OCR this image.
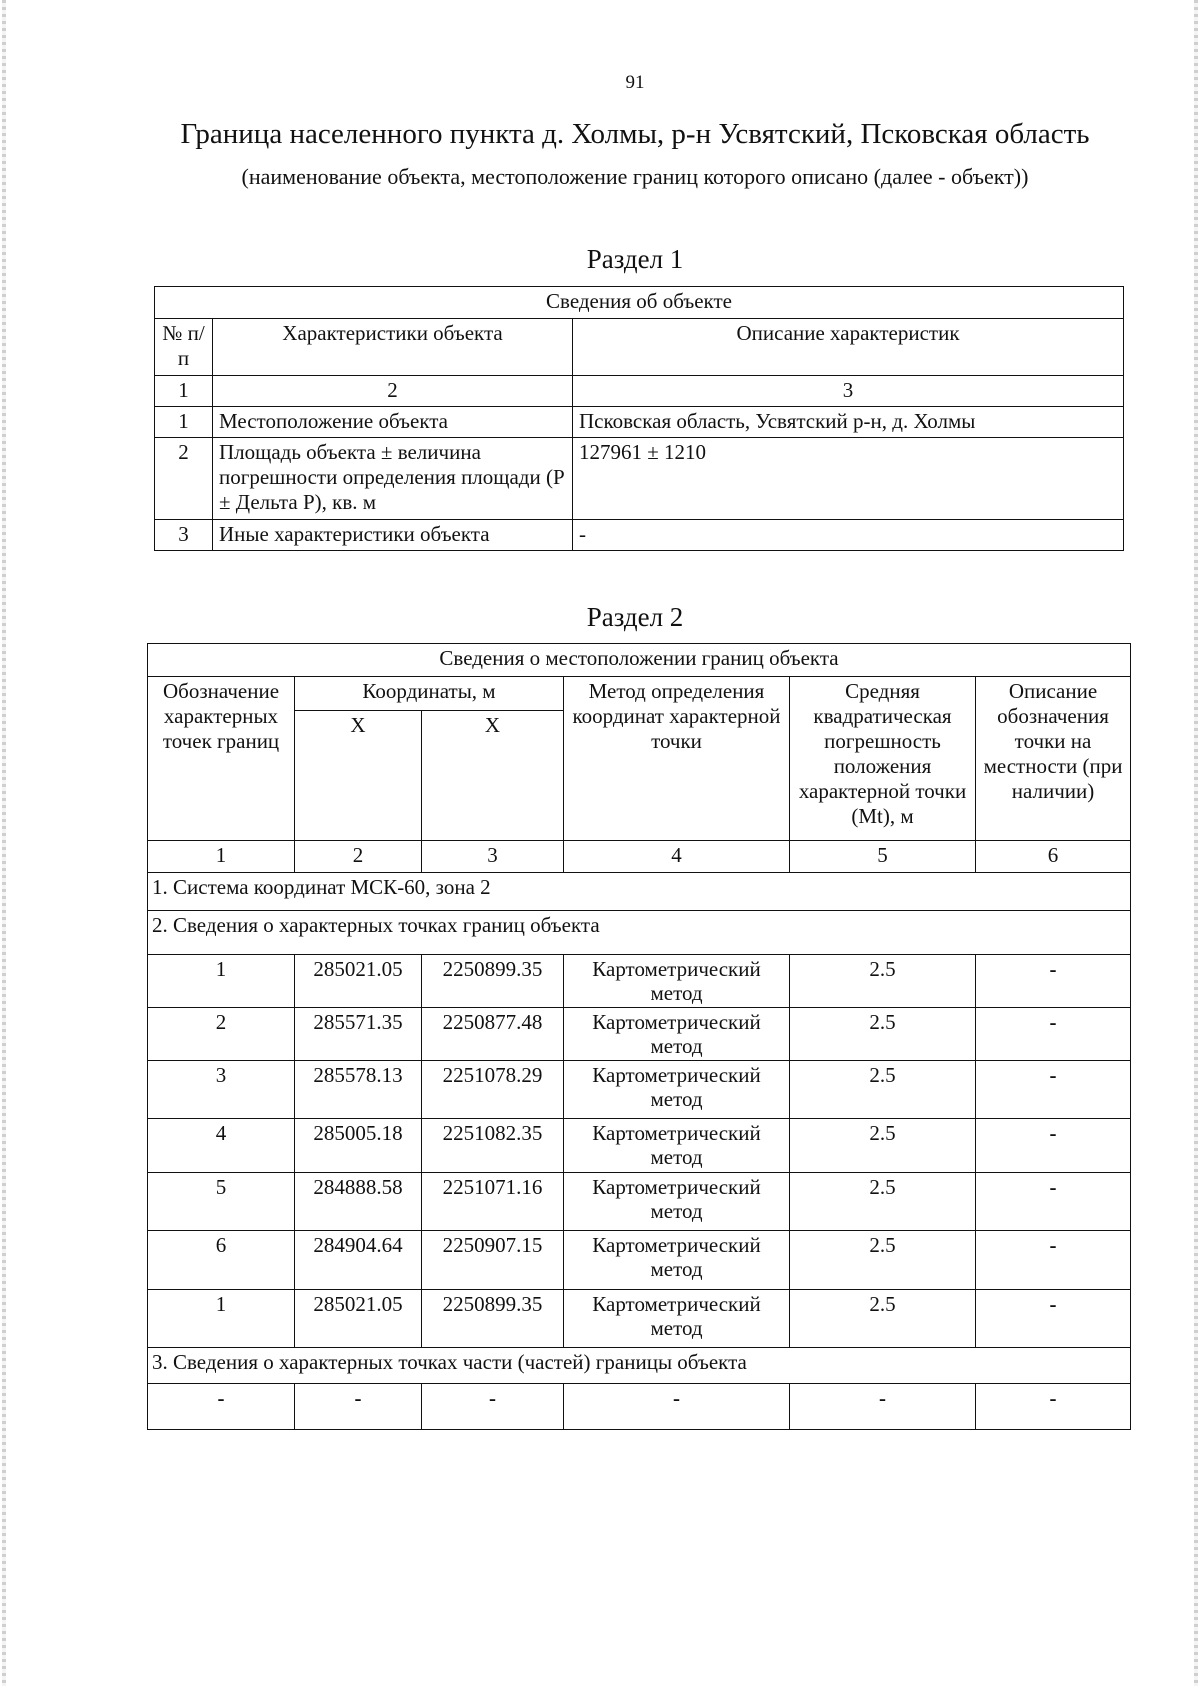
91
Граница населенного пункта д. Холмы, р-н Усвятский, Псковская область
(наименование объекта, местоположение границ которого описано (далее - объект))
Раздел 1
Сведения об объекте		
№ п/п	Характеристики объекта	Описание характеристик
1	2	3
1	Местоположение объекта	Псковская область, Усвятский р-н, д. Холмы
2	Площадь объекта ± величина погрешности определения площади (Р ± Дельта Р), кв. м	127961 ± 1210
3	Иные характеристики объекта	-
Раздел 2
Сведения о местоположении границ объекта					
Обозначение характерных точек границ	Координаты, м		Метод определения координат характерной точки	Средняя квадратическая погрешность положения характерной точки (Mt), м	Описание обозначения точки на местности (при наличии)
	X	X			
1	2	3	4	5	6
1. Система координат МСК-60, зона 2					
2. Сведения о характерных точках границ объекта					
1	285021.05	2250899.35	Картометрический метод	2.5	-
2	285571.35	2250877.48	Картометрический метод	2.5	-
3	285578.13	2251078.29	Картометрический метод	2.5	-
4	285005.18	2251082.35	Картометрический метод	2.5	-
5	284888.58	2251071.16	Картометрический метод	2.5	-
6	284904.64	2250907.15	Картометрический метод	2.5	-
1	285021.05	2250899.35	Картометрический метод	2.5	-
3. Сведения о характерных точках части (частей) границы объекта					
-	-	-	-	-	-
